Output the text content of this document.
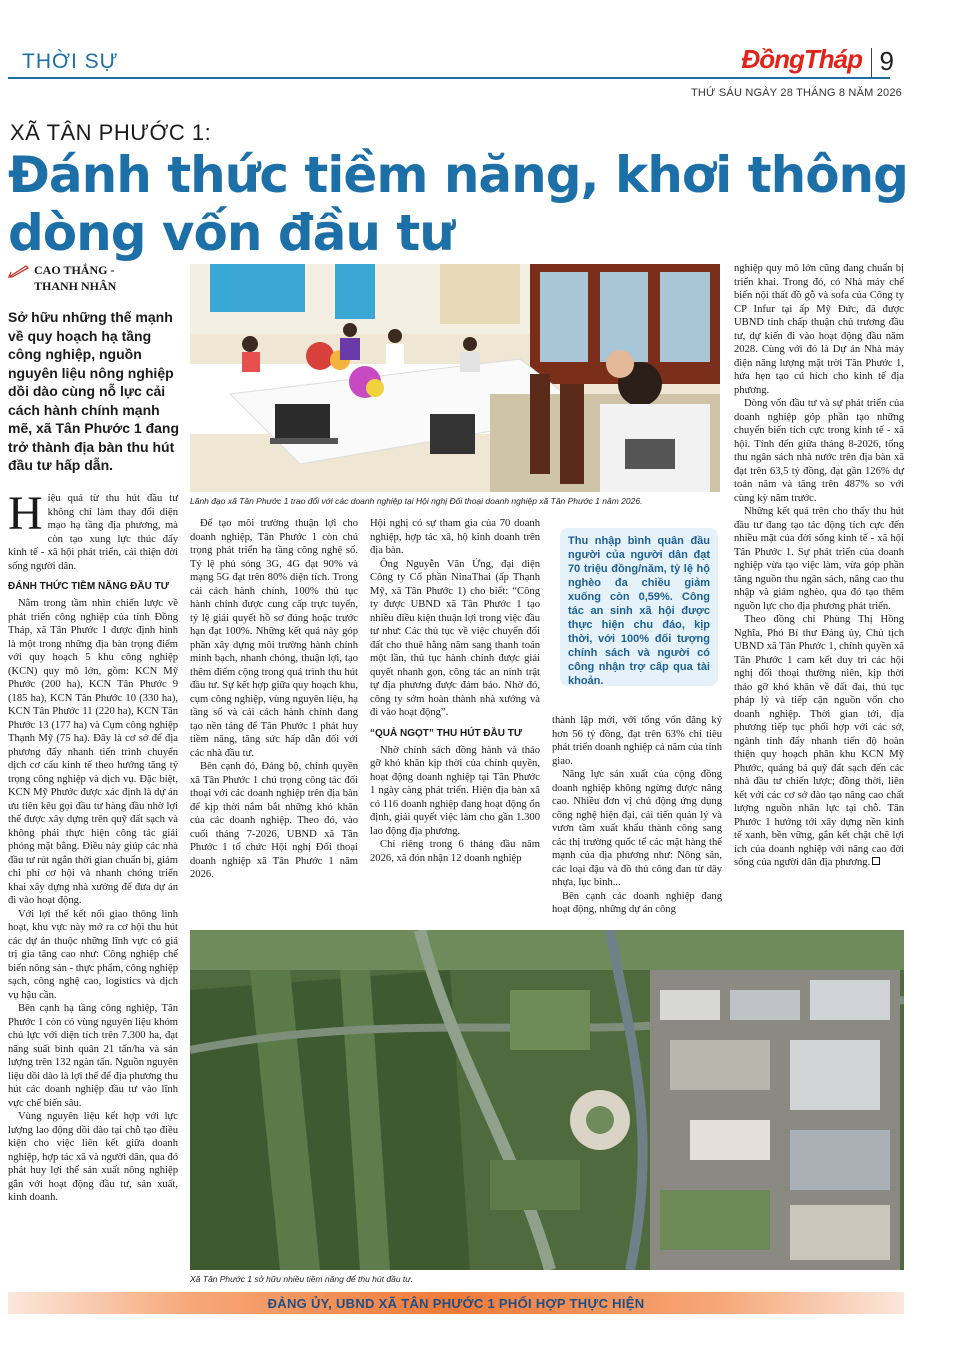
THỜI SỰ	ĐồngTháp 9
THỨ SÁU NGÀY 28 THÁNG 8 NĂM 2026
XÃ TÂN PHƯỚC 1:
Đánh thức tiềm năng, khơi thông dòng vốn đầu tư
CAO THẮNG -
THANH NHÂN
Sở hữu những thế mạnh về quy hoạch hạ tầng công nghiệp, nguồn nguyên liệu nông nghiệp dồi dào cùng nỗ lực cải cách hành chính mạnh mẽ, xã Tân Phước 1 đang trở thành địa bàn thu hút đầu tư hấp dẫn.

Hiệu quả từ thu hút đầu tư không chỉ làm thay đổi diện mạo hạ tầng địa phương, mà còn tạo xung lực thúc đẩy kinh tế - xã hội phát triển, cải thiện đời sống người dân.

ĐÁNH THỨC TIỀM NĂNG ĐẦU TƯ

Nằm trong tầm nhìn chiến lược về phát triển công nghiệp của tỉnh Đồng Tháp, xã Tân Phước 1 được định hình là một trong những địa bàn trọng điểm với quy hoạch 5 khu công nghiệp (KCN) quy mô lớn, gồm: KCN Mỹ Phước (200 ha), KCN Tân Phước 9 (185 ha), KCN Tân Phước 10 (330 ha), KCN Tân Phước 11 (220 ha), KCN Tân Phước 13 (177 ha) và Cụm công nghiệp Thạnh Mỹ (75 ha). Đây là cơ sở để địa phương đẩy nhanh tiến trình chuyển dịch cơ cấu kinh tế theo hướng tăng tỷ trọng công nghiệp và dịch vụ. Đặc biệt, KCN Mỹ Phước được xác định là dự án ưu tiên kêu gọi đầu tư hàng đầu nhờ lợi thế được xây dựng trên quỹ đất sạch và không phải thực hiện công tác giải phóng mặt bằng. Điều này giúp các nhà đầu tư rút ngắn thời gian chuẩn bị, giảm chi phí cơ hội và nhanh chóng triển khai xây dựng nhà xưởng để đưa dự án đi vào hoạt động.

Với lợi thế kết nối giao thông linh hoạt, khu vực này mở ra cơ hội thu hút các dự án thuộc những lĩnh vực có giá trị gia tăng cao như: Công nghiệp chế biến nông sản - thực phẩm, công nghiệp sạch, công nghệ cao, logistics và dịch vụ hậu cần.

Bên cạnh hạ tầng công nghiệp, Tân Phước 1 còn có vùng nguyên liệu khóm chủ lực với diện tích trên 7.300 ha, đạt năng suất bình quân 21 tấn/ha và sản lượng trên 132 ngàn tấn. Nguồn nguyên liệu dồi dào là lợi thế để địa phương thu hút các doanh nghiệp đầu tư vào lĩnh vực chế biến sâu.

Vùng nguyên liệu kết hợp với lực lượng lao động dồi dào tại chỗ tạo điều kiện cho việc liên kết giữa doanh nghiệp, hợp tác xã và người dân, qua đó phát huy lợi thế sản xuất nông nghiệp gắn với hoạt động đầu tư, sản xuất, kinh doanh.

Lãnh đạo xã Tân Phước 1 trao đổi với các doanh nghiệp tại Hội nghị Đối thoại doanh nghiệp xã Tân Phước 1 năm 2026.

Để tạo môi trường thuận lợi cho doanh nghiệp, Tân Phước 1 còn chú trọng phát triển hạ tầng công nghệ số. Tỷ lệ phủ sóng 3G, 4G đạt 90% và mạng 5G đạt trên 80% diện tích. Trong cải cách hành chính, 100% thủ tục hành chính được cung cấp trực tuyến, tỷ lệ giải quyết hồ sơ đúng hoặc trước hạn đạt 100%. Những kết quả này góp phần xây dựng môi trường hành chính minh bạch, nhanh chóng, thuận lợi, tạo thêm điểm cộng trong quá trình thu hút đầu tư. Sự kết hợp giữa quy hoạch khu, cụm công nghiệp, vùng nguyên liệu, hạ tầng số và cải cách hành chính đang tạo nền tảng để Tân Phước 1 phát huy tiềm năng, tăng sức hấp dẫn đối với các nhà đầu tư.

Bên cạnh đó, Đảng bộ, chính quyền xã Tân Phước 1 chú trọng công tác đối thoại với các doanh nghiệp trên địa bàn để kịp thời nắm bắt những khó khăn của các doanh nghiệp. Theo đó, vào cuối tháng 7-2026, UBND xã Tân Phước 1 tổ chức Hội nghị Đối thoại doanh nghiệp xã Tân Phước 1 năm 2026.

Hội nghị có sự tham gia của 70 doanh nghiệp, hợp tác xã, hộ kinh doanh trên địa bàn.

Ông Nguyễn Văn Ửng, đại diện Công ty Cổ phần NinaThai (ấp Thạnh Mỹ, xã Tân Phước 1) cho biết: “Công ty được UBND xã Tân Phước 1 tạo nhiều điều kiện thuận lợi trong việc đầu tư như: Các thủ tục về việc chuyển đổi đất cho thuê hằng năm sang thanh toán một lần, thủ tục hành chính được giải quyết nhanh gọn, công tác an ninh trật tự địa phương được đảm bảo. Nhờ đó, công ty sớm hoàn thành nhà xưởng và đi vào hoạt động”.

“QUẢ NGỌT” THU HÚT ĐẦU TƯ

Nhờ chính sách đồng hành và tháo gỡ khó khăn kịp thời của chính quyền, hoạt động doanh nghiệp tại Tân Phước 1 ngày càng phát triển. Hiện địa bàn xã có 116 doanh nghiệp đang hoạt động ổn định, giải quyết việc làm cho gần 1.300 lao động địa phương.

Chỉ riêng trong 6 tháng đầu năm 2026, xã đón nhận 12 doanh nghiệp

Thu nhập bình quân đầu người của người dân đạt 70 triệu đồng/năm, tỷ lệ hộ nghèo đa chiều giảm xuống còn 0,59%. Công tác an sinh xã hội được thực hiện chu đáo, kịp thời, với 100% đối tượng chính sách và người có công nhận trợ cấp qua tài khoản.

thành lập mới, với tổng vốn đăng ký hơn 56 tỷ đồng, đạt trên 63% chỉ tiêu phát triển doanh nghiệp cả năm của tỉnh giao.

Năng lực sản xuất của cộng đồng doanh nghiệp không ngừng được nâng cao. Nhiều đơn vị chủ động ứng dụng công nghệ hiện đại, cải tiến quản lý và vươn tầm xuất khẩu thành công sang các thị trường quốc tế các mặt hàng thế mạnh của địa phương như: Nông sản, các loại đậu và đồ thủ công đan từ dây nhựa, lục bình...

Bên cạnh các doanh nghiệp đang hoạt động, những dự án công

nghiệp quy mô lớn cũng đang chuẩn bị triển khai. Trong đó, có Nhà máy chế biến nội thất đồ gỗ và sofa của Công ty CP Infur tại ấp Mỹ Đức, đã được UBND tỉnh chấp thuận chủ trương đầu tư, dự kiến đi vào hoạt động đầu năm 2028. Cùng với đó là Dự án Nhà máy điện năng lượng mặt trời Tân Phước 1, hứa hẹn tạo cú hích cho kinh tế địa phương.

Dòng vốn đầu tư và sự phát triển của doanh nghiệp góp phần tạo những chuyển biến tích cực trong kinh tế - xã hội. Tính đến giữa tháng 8-2026, tổng thu ngân sách nhà nước trên địa bàn xã đạt trên 63,5 tỷ đồng, đạt gần 126% dự toán năm và tăng trên 487% so với cùng kỳ năm trước.

Những kết quả trên cho thấy thu hút đầu tư đang tạo tác động tích cực đến nhiều mặt của đời sống kinh tế - xã hội Tân Phước 1. Sự phát triển của doanh nghiệp vừa tạo việc làm, vừa góp phần tăng nguồn thu ngân sách, nâng cao thu nhập và giảm nghèo, qua đó tạo thêm nguồn lực cho địa phương phát triển.

Theo đồng chí Phùng Thị Hồng Nghĩa, Phó Bí thư Đảng ủy, Chủ tịch UBND xã Tân Phước 1, chính quyền xã Tân Phước 1 cam kết duy trì các hội nghị đối thoại thường niên, kịp thời tháo gỡ khó khăn về đất đai, thủ tục pháp lý và tiếp cận nguồn vốn cho doanh nghiệp. Thời gian tới, địa phương tiếp tục phối hợp với các sở, ngành tỉnh đẩy nhanh tiến độ hoàn thiện quy hoạch phân khu KCN Mỹ Phước, quảng bá quỹ đất sạch đến các nhà đầu tư chiến lược; đồng thời, liên kết với các cơ sở đào tạo nâng cao chất lượng nguồn nhân lực tại chỗ. Tân Phước 1 hướng tới xây dựng nền kinh tế xanh, bền vững, gắn kết chặt chẽ lợi ích của doanh nghiệp với nâng cao đời sống của người dân địa phương.

Xã Tân Phước 1 sở hữu nhiều tiềm năng để thu hút đầu tư.
ĐẢNG ỦY, UBND XÃ TÂN PHƯỚC 1 PHỐI HỢP THỰC HIỆN
